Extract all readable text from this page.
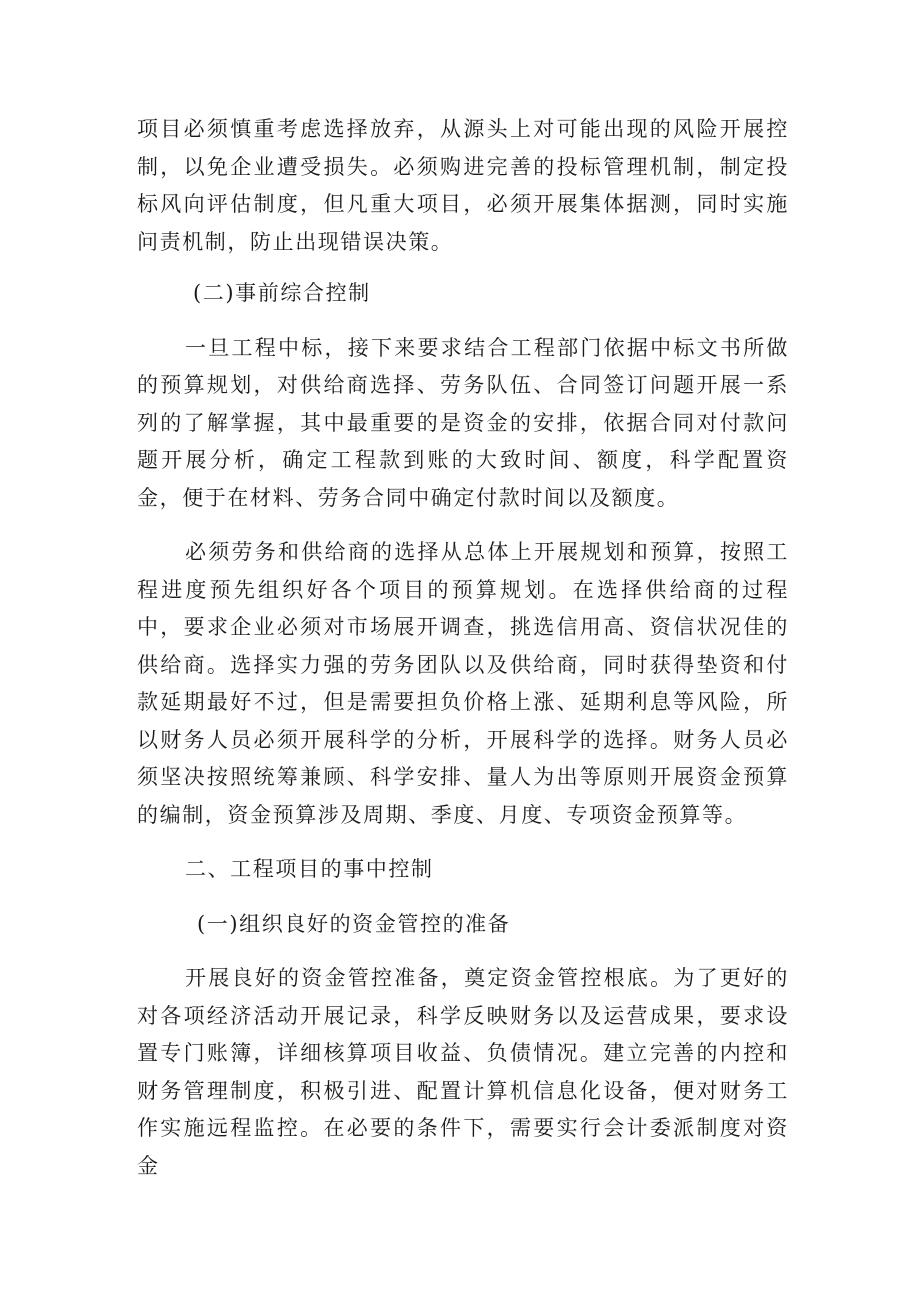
项目必须慎重考虑选择放弃，从源头上对可能出现的风险开展控制，以免企业遭受损失。必须购进完善的投标管理机制，制定投标风向评估制度，但凡重大项目，必须开展集体据测，同时实施问责机制，防止出现错误决策。

(二)事前综合控制

一旦工程中标，接下来要求结合工程部门依据中标文书所做的预算规划，对供给商选择、劳务队伍、合同签订问题开展一系列的了解掌握，其中最重要的是资金的安排，依据合同对付款问题开展分析，确定工程款到账的大致时间、额度，科学配置资金，便于在材料、劳务合同中确定付款时间以及额度。

必须劳务和供给商的选择从总体上开展规划和预算，按照工程进度预先组织好各个项目的预算规划。在选择供给商的过程中，要求企业必须对市场展开调查，挑选信用高、资信状况佳的供给商。选择实力强的劳务团队以及供给商，同时获得垫资和付款延期最好不过，但是需要担负价格上涨、延期利息等风险，所以财务人员必须开展科学的分析，开展科学的选择。财务人员必须坚决按照统筹兼顾、科学安排、量人为出等原则开展资金预算的编制，资金预算涉及周期、季度、月度、专项资金预算等。

二、工程项目的事中控制

(一)组织良好的资金管控的准备

开展良好的资金管控准备，奠定资金管控根底。为了更好的对各项经济活动开展记录，科学反映财务以及运营成果，要求设置专门账簿，详细核算项目收益、负债情况。建立完善的内控和财务管理制度，积极引进、配置计算机信息化设备，便对财务工作实施远程监控。在必要的条件下，需要实行会计委派制度对资金
